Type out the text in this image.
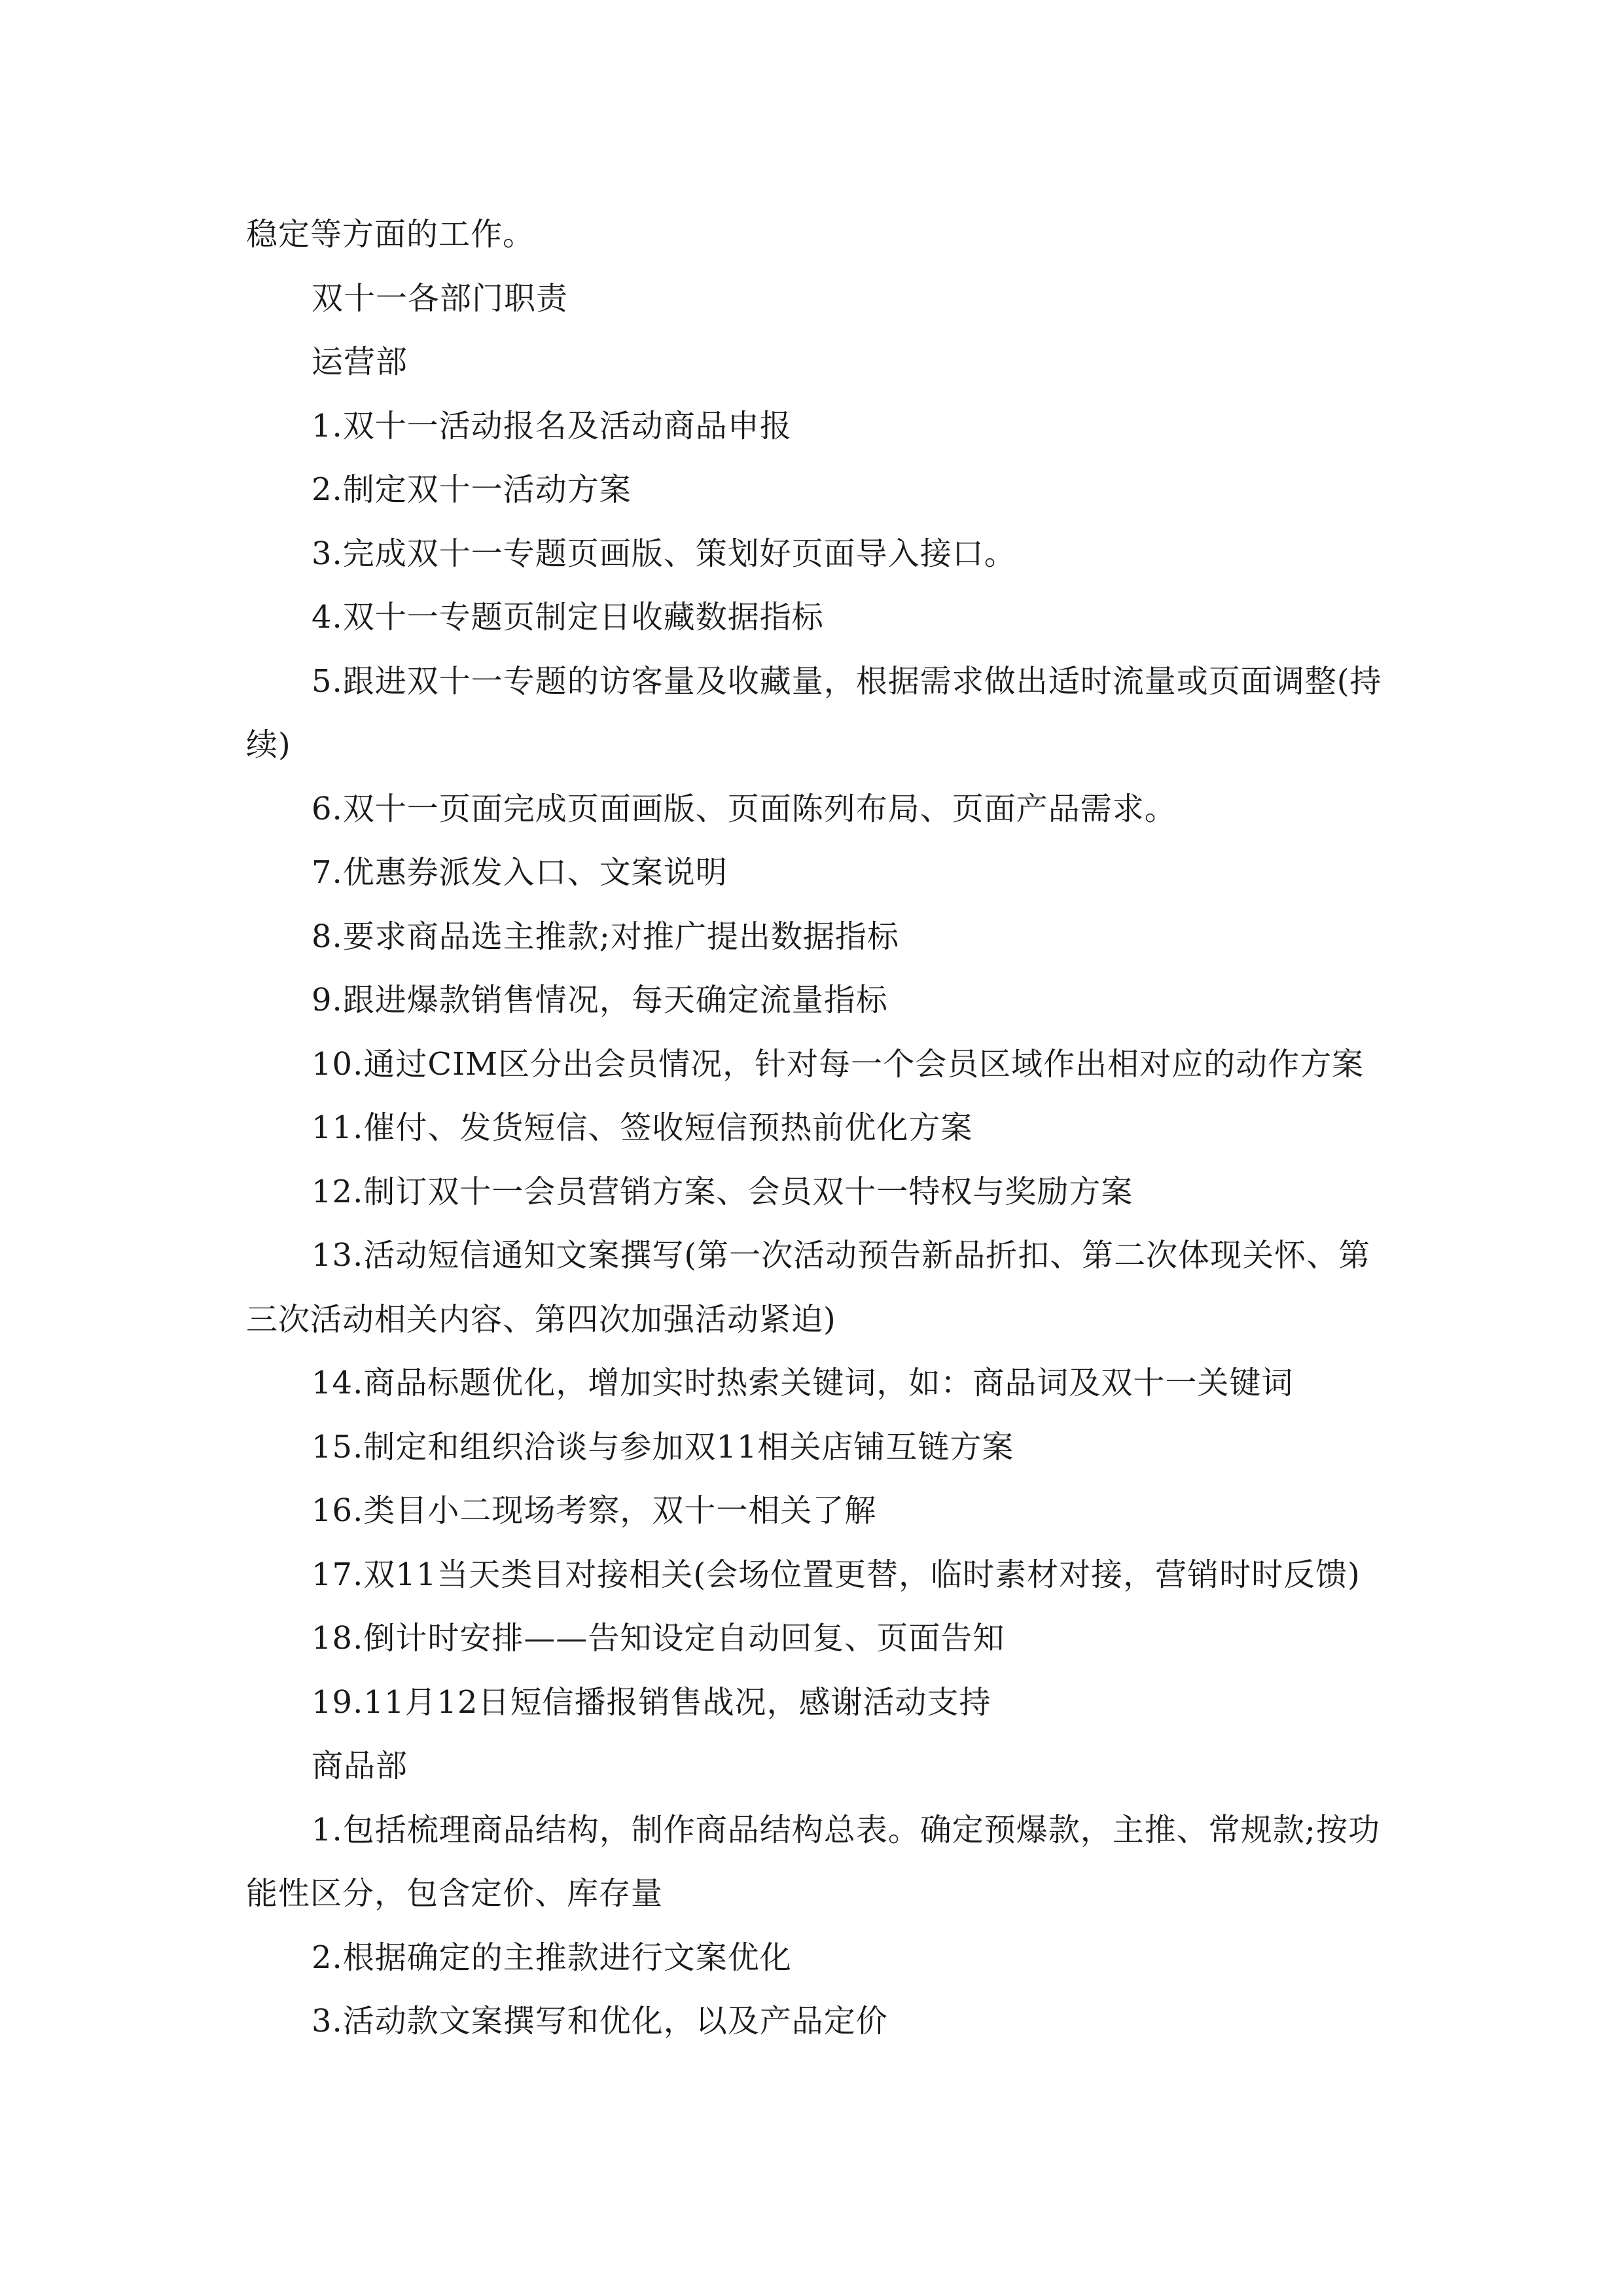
稳定等方面的工作。

双十一各部门职责

运营部

1.双十一活动报名及活动商品申报

2.制定双十一活动方案

3.完成双十一专题页画版、策划好页面导入接口。

4.双十一专题页制定日收藏数据指标

5.跟进双十一专题的访客量及收藏量，根据需求做出适时流量或页面调整(持续)

6.双十一页面完成页面画版、页面陈列布局、页面产品需求。

7.优惠券派发入口、文案说明

8.要求商品选主推款;对推广提出数据指标

9.跟进爆款销售情况，每天确定流量指标

10.通过CIM区分出会员情况，针对每一个会员区域作出相对应的动作方案

11.催付、发货短信、签收短信预热前优化方案

12.制订双十一会员营销方案、会员双十一特权与奖励方案

13.活动短信通知文案撰写(第一次活动预告新品折扣、第二次体现关怀、第三次活动相关内容、第四次加强活动紧迫)

14.商品标题优化，增加实时热索关键词，如：商品词及双十一关键词

15.制定和组织洽谈与参加双11相关店铺互链方案

16.类目小二现场考察，双十一相关了解

17.双11当天类目对接相关(会场位置更替，临时素材对接，营销时时反馈)

18.倒计时安排——告知设定自动回复、页面告知

19.11月12日短信播报销售战况，感谢活动支持

商品部

1.包括梳理商品结构，制作商品结构总表。确定预爆款，主推、常规款;按功能性区分，包含定价、库存量

2.根据确定的主推款进行文案优化

3.活动款文案撰写和优化，以及产品定价
